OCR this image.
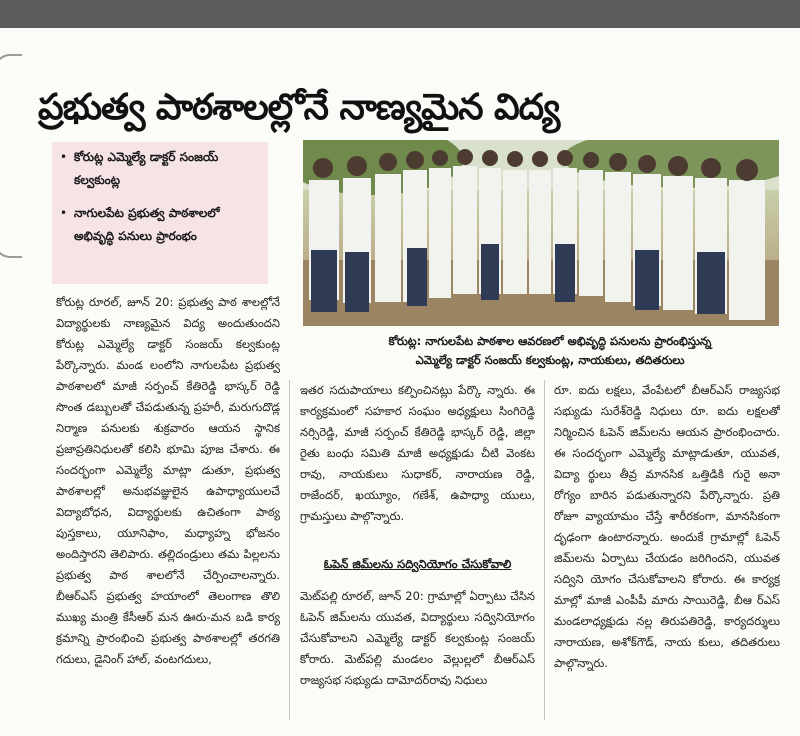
ప్రభుత్వ పాఠశాలల్లోనే నాణ్యమైన విద్య
• కోరుట్ల ఎమ్మెల్యే డాక్టర్ సంజయ్ కల్వకుంట్ల
• నాగులపేట ప్రభుత్వ పాఠశాలలో అభివృద్ధి పనులు ప్రారంభం
కోరుట్ల: నాగులపేట పాఠశాల ఆవరణలో అభివృద్ధి పనులను ప్రారంభిస్తున్న
ఎమ్మెల్యే డాక్టర్ సంజయ్ కల్వకుంట్ల, నాయకులు, తదితరులు

కోరుట్ల రూరల్, జూన్ 20: ప్రభుత్వ పాఠ శాలల్లోనే విద్యార్థులకు నాణ్యమైన విద్య అందుతుందని కోరుట్ల ఎమ్మెల్యే డాక్టర్ సంజయ్ కల్వకుంట్ల పేర్కొన్నారు. మండ లంలోని నాగులపేట ప్రభుత్వ పాఠశాలలో మాజీ సర్పంచ్ కేతిరెడ్డి భాస్కర్ రెడ్డి సొంత డబ్బులతో చేపడుతున్న ప్రహరీ, మరుగుదొడ్ల నిర్మాణ పనులకు శుక్రవారం ఆయన స్థానిక ప్రజాప్రతినిధులతో కలిసి భూమి పూజ చేశారు. ఈ సందర్భంగా ఎమ్మెల్యే మాట్లా డుతూ, ప్రభుత్వ పాఠశాలల్లో అనుభవజ్ఞులైన ఉపాధ్యాయులచే విద్యాబోధన, విద్యార్థులకు ఉచితంగా పాఠ్య పుస్తకాలు, యూనిఫాం, మధ్యాహ్న భోజనం అందిస్తారని తెలిపారు. తల్లిదండ్రులు తమ పిల్లలను ప్రభుత్వ పాఠ శాలలోనే చేర్పించాలన్నారు. బీఆర్ఎస్ ప్రభుత్వ హయాంలో తెలంగాణ తొలి ముఖ్య మంత్రి కేసీఆర్ మన ఊరు-మన బడి కార్య క్రమాన్ని ప్రారంభించి ప్రభుత్వ పాఠశాలల్లో తరగతి గదులు, డైనింగ్ హాల్, వంటగదులు,

ఇతర సదుపాయాలు కల్పించినట్లు పేర్కొ న్నారు. ఈ కార్యక్రమంలో సహకార సంఘం అధ్యక్షులు సింగిరెడ్డి నర్సిరెడ్డి, మాజీ సర్పంచ్ కేతిరెడ్డి భాస్కర్ రెడ్డి, జిల్లా రైతు బంధు సమితి మాజీ అధ్యక్షుడు చీటి వెంకట రావు, నాయకులు సుధాకర్, నారాయణ రెడ్డి, రాజేందర్, ఖయ్యూం, గణేశ్, ఉపాధ్యా యులు, గ్రామస్తులు పాల్గొన్నారు.

ఓపెన్ జిమ్‌లను సద్వినియోగం చేసుకోవాలి

మెట్‌పల్లి రూరల్, జూన్ 20: గ్రామాల్లో ఏర్పాటు చేసిన ఓపెన్ జిమ్‌లను యువత, విద్యార్థులు సద్వినియోగం చేసుకోవాలని ఎమ్మెల్యే డాక్టర్ కల్వకుంట్ల సంజయ్ కోరారు. మెట్‌పల్లి మండలం వెల్లుల్లలో బీఆర్ఎస్ రాజ్యసభ సభ్యుడు దామోదర్‌రావు నిధులు

రూ. ఐదు లక్షలు, వేంపేటలో బీఆర్ఎస్ రాజ్యసభ సభ్యుడు సురేశ్‌రెడ్డి నిధులు రూ. ఐదు లక్షలతో నిర్మించిన ఓపెన్ జిమ్‌లను ఆయన ప్రారంభించారు. ఈ సందర్భంగా ఎమ్మెల్యే మాట్లాడుతూ, యువత, విద్యా ర్థులు తీవ్ర మానసిక ఒత్తిడికి గురై అనా రోగ్యం బారిన పడుతున్నారని పేర్కొన్నారు. ప్రతి రోజూ వ్యాయామం చేస్తే శారీరకంగా, మానసికంగా దృఢంగా ఉంటారన్నారు. అందుకే గ్రామాల్లో ఓపెన్ జిమ్‌లను ఏర్పాటు చేయడం జరిగిందని, యువత సద్విని యోగం చేసుకోవాలని కోరారు. ఈ కార్యక్ర మాల్లో మాజీ ఎంపీపీ మారు సాయిరెడ్డి, బీఆ ర్ఎస్ మండలాధ్యక్షుడు నల్ల తిరుపతిరెడ్డి, కార్యదర్శులు నారాయణ, అశోక్‌గౌడ్, నాయ కులు, తదితరులు పాల్గొన్నారు.
